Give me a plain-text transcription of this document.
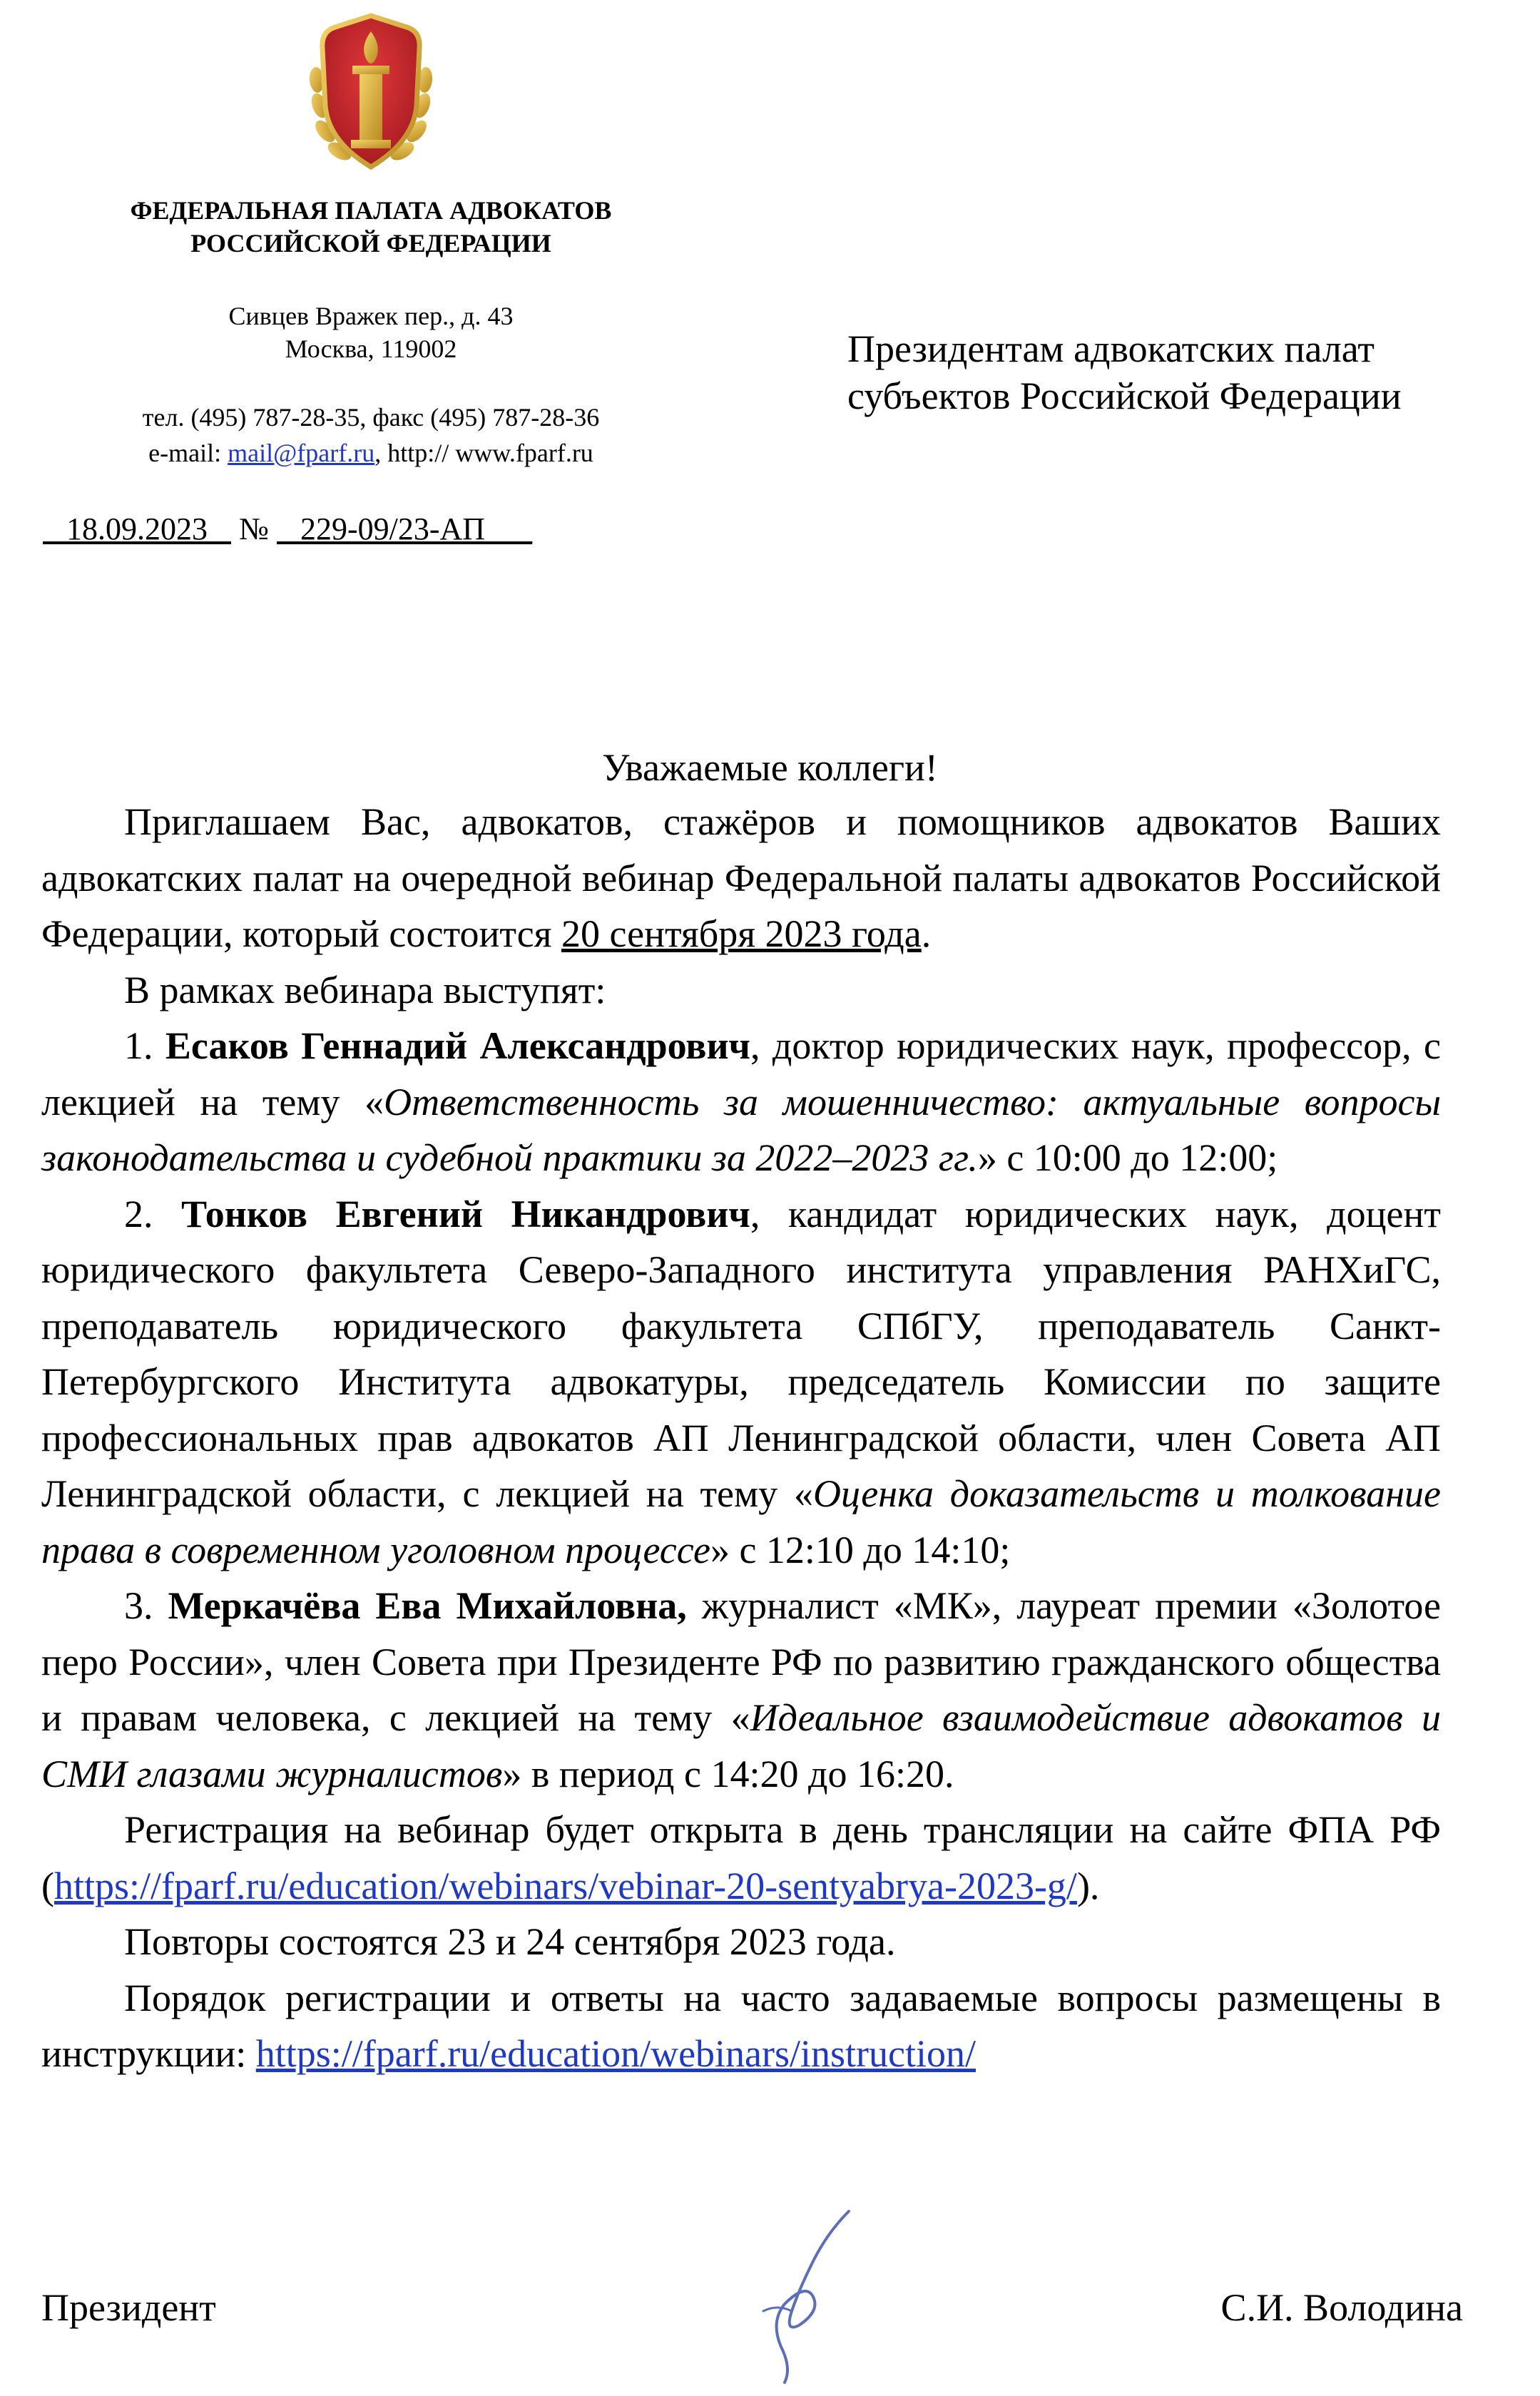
ФЕДЕРАЛЬНАЯ ПАЛАТА АДВОКАТОВ
РОССИЙСКОЙ ФЕДЕРАЦИИ
Сивцев Вражек пер., д. 43
Москва, 119002
тел. (495) 787-28-35, факс (495) 787-28-36
e-mail: mail@fparf.ru, http:// www.fparf.ru
18.09.2023 № 229-09/23-АП___
Президентам адвокатских палат
субъектов Российской Федерации
Уважаемые коллеги!

Приглашаем Вас, адвокатов, стажёров и помощников адвокатов Ваших адвокатских палат на очередной вебинар Федеральной палаты адвокатов Российской Федерации, который состоится 20 сентября 2023 года.

В рамках вебинара выступят:

1. Есаков Геннадий Александрович, доктор юридических наук, профессор, с лекцией на тему «Ответственность за мошенничество: актуальные вопросы законодательства и судебной практики за 2022–2023 гг.» с 10:00 до 12:00;

2. Тонков Евгений Никандрович, кандидат юридических наук, доцент юридического факультета Северо-Западного института управления РАНХиГС, преподаватель юридического факультета СПбГУ, преподаватель Санкт-Петербургского Института адвокатуры, председатель Комиссии по защите профессиональных прав адвокатов АП Ленинградской области, член Совета АП Ленинградской области, с лекцией на тему «Оценка доказательств и толкование права в современном уголовном процессе» с 12:10 до 14:10;

3. Меркачёва Ева Михайловна, журналист «МК», лауреат премии «Золотое перо России», член Совета при Президенте РФ по развитию гражданского общества и правам человека, с лекцией на тему «Идеальное взаимодействие адвокатов и СМИ глазами журналистов» в период с 14:20 до 16:20.

Регистрация на вебинар будет открыта в день трансляции на сайте ФПА РФ (https://fparf.ru/education/webinars/vebinar-20-sentyabrya-2023-g/).

Повторы состоятся 23 и 24 сентября 2023 года.

Порядок регистрации и ответы на часто задаваемые вопросы размещены в инструкции: https://fparf.ru/education/webinars/instruction/

Президент	С.И. Володина
